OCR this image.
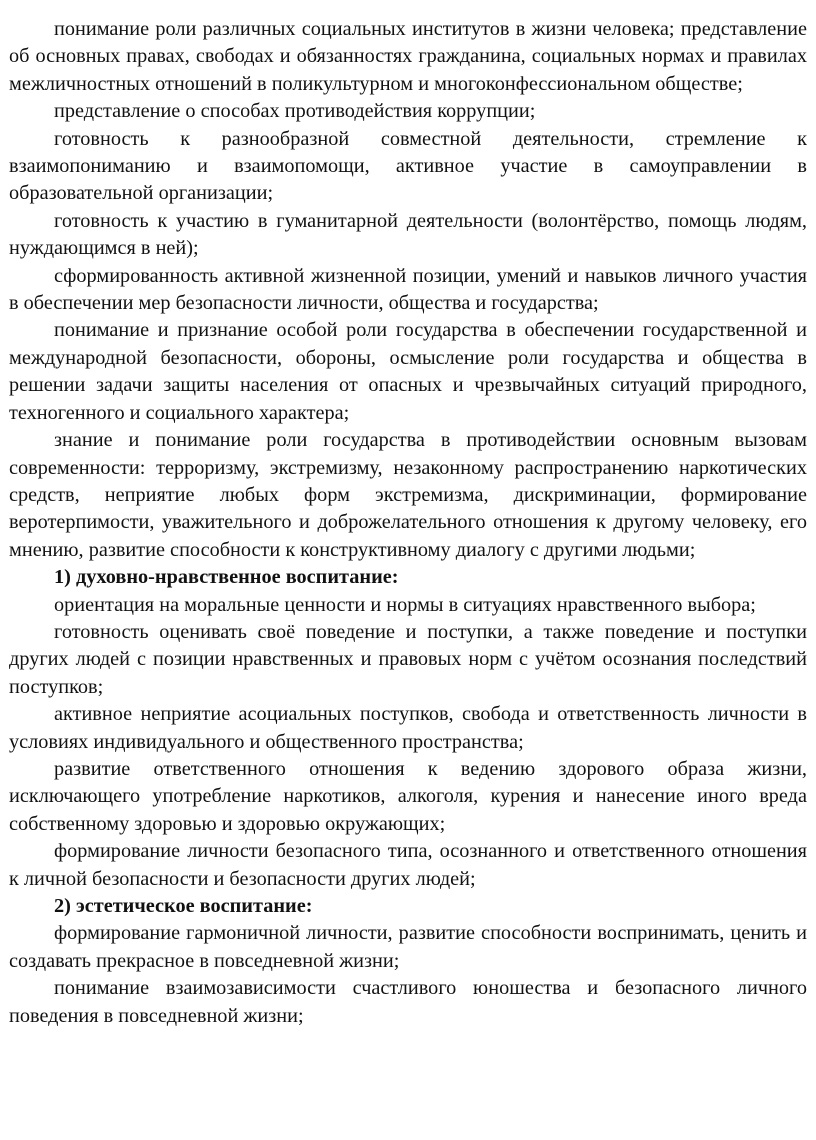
понимание роли различных социальных институтов в жизни человека; представление об основных правах, свободах и обязанностях гражданина, социальных нормах и правилах межличностных отношений в поликультурном и многоконфессиональном обществе;

представление о способах противодействия коррупции;

готовность к разнообразной совместной деятельности, стремление к взаимопониманию и взаимопомощи, активное участие в самоуправлении в образовательной организации;

готовность к участию в гуманитарной деятельности (волонтёрство, помощь людям, нуждающимся в ней);

сформированность активной жизненной позиции, умений и навыков личного участия в обеспечении мер безопасности личности, общества и государства;

понимание и признание особой роли государства в обеспечении государственной и международной безопасности, обороны, осмысление роли государства и общества в решении задачи защиты населения от опасных и чрезвычайных ситуаций природного, техногенного и социального характера;

знание и понимание роли государства в противодействии основным вызовам современности: терроризму, экстремизму, незаконному распространению наркотических средств, неприятие любых форм экстремизма, дискриминации, формирование веротерпимости, уважительного и доброжелательного отношения к другому человеку, его мнению, развитие способности к конструктивному диалогу с другими людьми;

1) духовно-нравственное воспитание:

ориентация на моральные ценности и нормы в ситуациях нравственного выбора;

готовность оценивать своё поведение и поступки, а также поведение и поступки других людей с позиции нравственных и правовых норм с учётом осознания последствий поступков;

активное неприятие асоциальных поступков, свобода и ответственность личности в условиях индивидуального и общественного пространства;

развитие ответственного отношения к ведению здорового образа жизни, исключающего употребление наркотиков, алкоголя, курения и нанесение иного вреда собственному здоровью и здоровью окружающих;

формирование личности безопасного типа, осознанного и ответственного отношения к личной безопасности и безопасности других людей;

2) эстетическое воспитание:

формирование гармоничной личности, развитие способности воспринимать, ценить и создавать прекрасное в повседневной жизни;

понимание взаимозависимости счастливого юношества и безопасного личного поведения в повседневной жизни;
